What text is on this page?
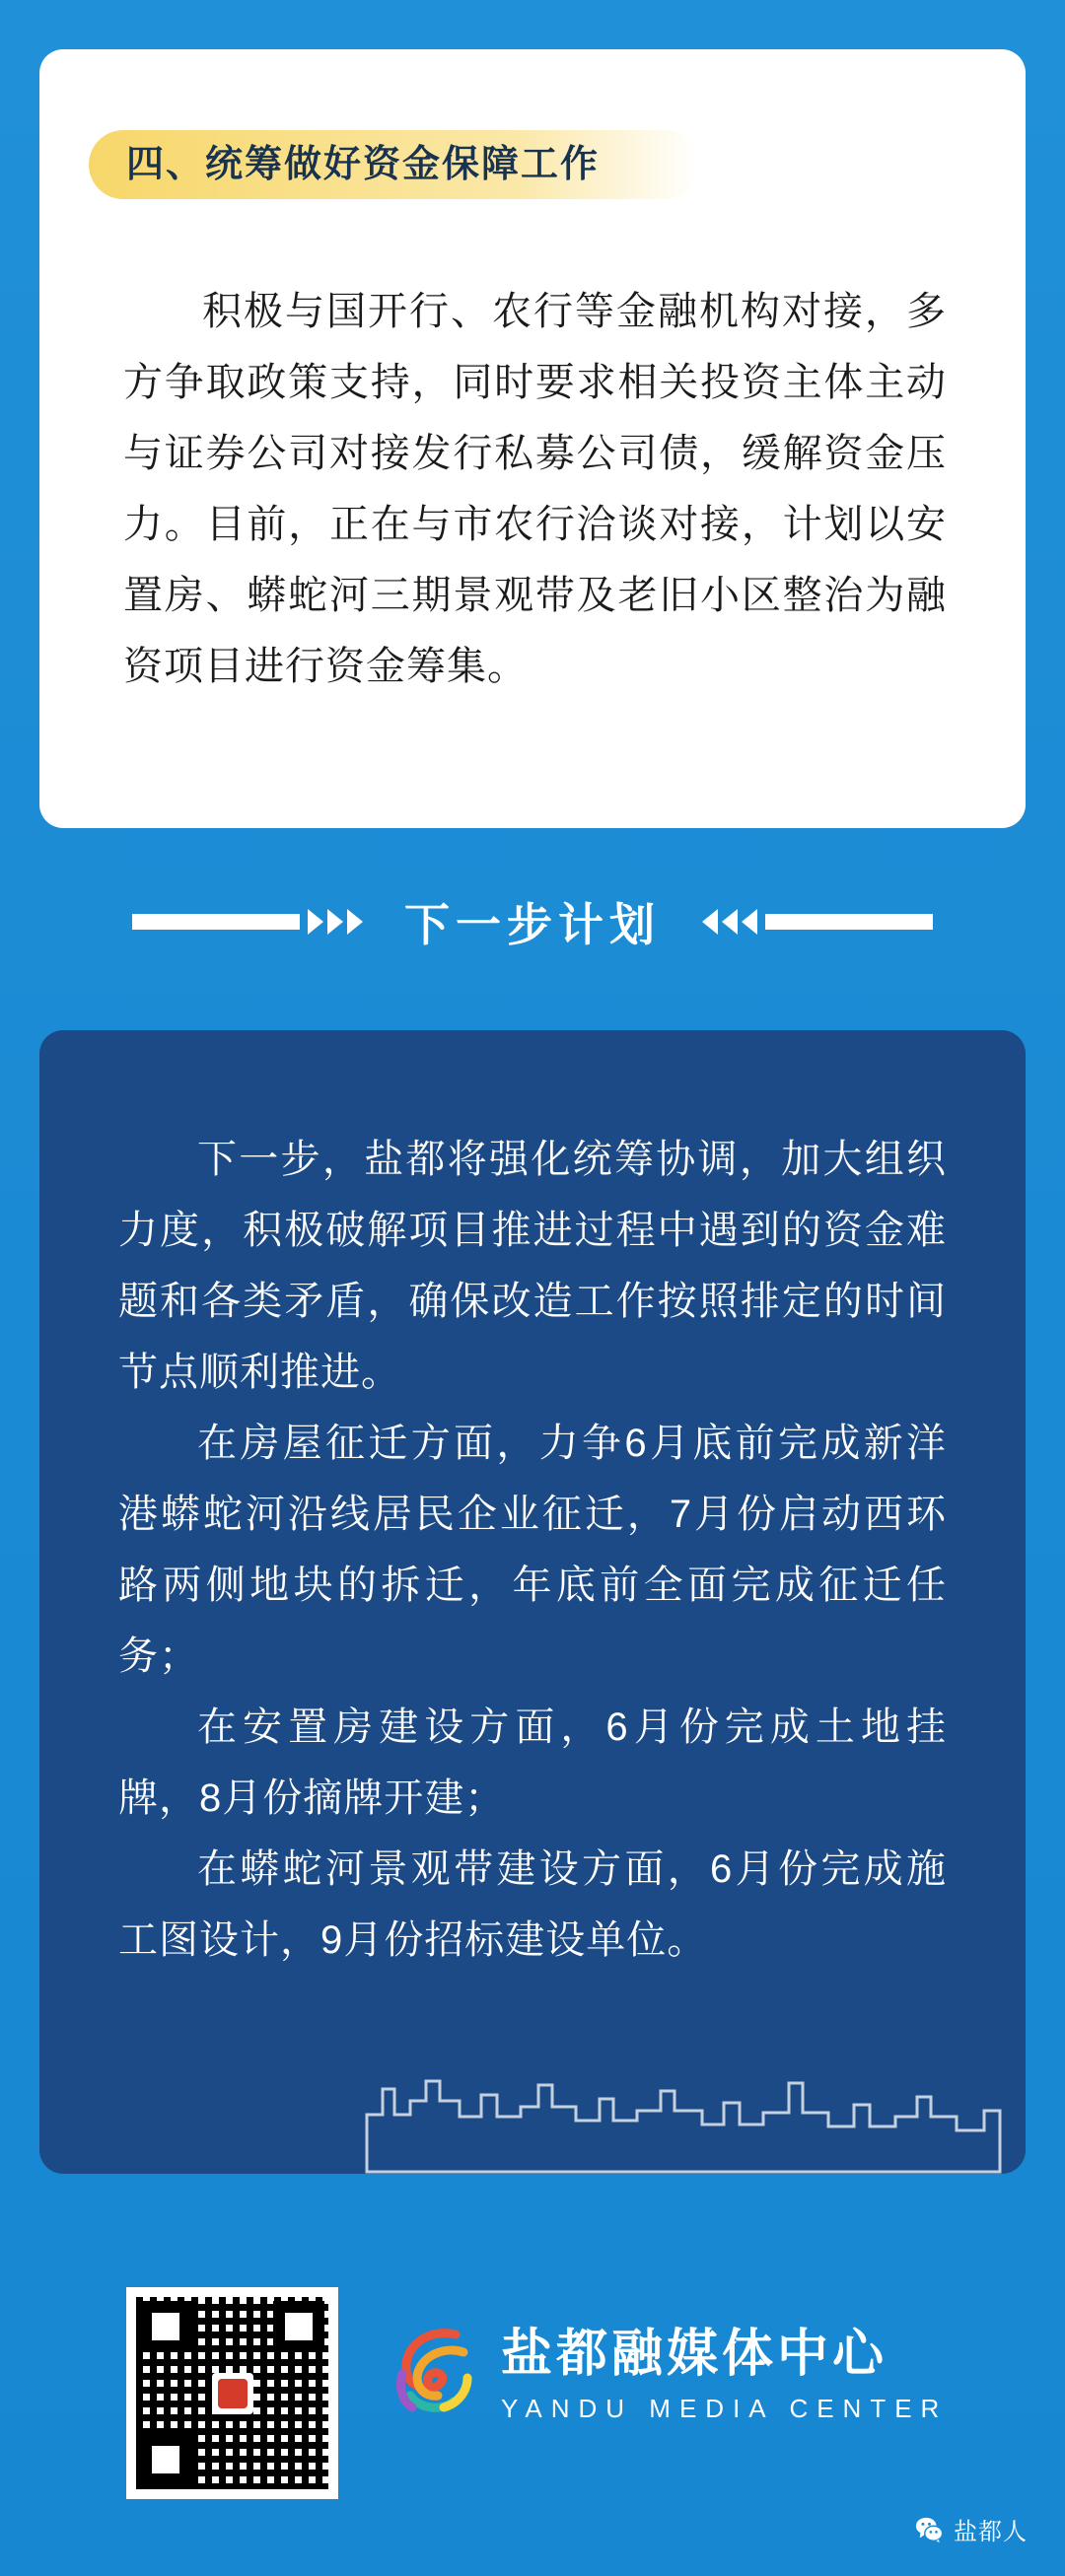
四、统筹做好资金保障工作
积极与国开行、农行等金融机构对接，多方争取政策支持，同时要求相关投资主体主动与证券公司对接发行私募公司债，缓解资金压力。目前，正在与市农行洽谈对接，计划以安置房、蟒蛇河三期景观带及老旧小区整治为融资项目进行资金筹集。
下一步计划

下一步，盐都将强化统筹协调，加大组织力度，积极破解项目推进过程中遇到的资金难题和各类矛盾，确保改造工作按照排定的时间节点顺利推进。

在房屋征迁方面，力争6月底前完成新洋港蟒蛇河沿线居民企业征迁，7月份启动西环路两侧地块的拆迁，年底前全面完成征迁任务；

在安置房建设方面，6月份完成土地挂牌，8月份摘牌开建；

在蟒蛇河景观带建设方面，6月份完成施工图设计，9月份招标建设单位。

盐都融媒体中心
YANDU MEDIA CENTER
盐都人
